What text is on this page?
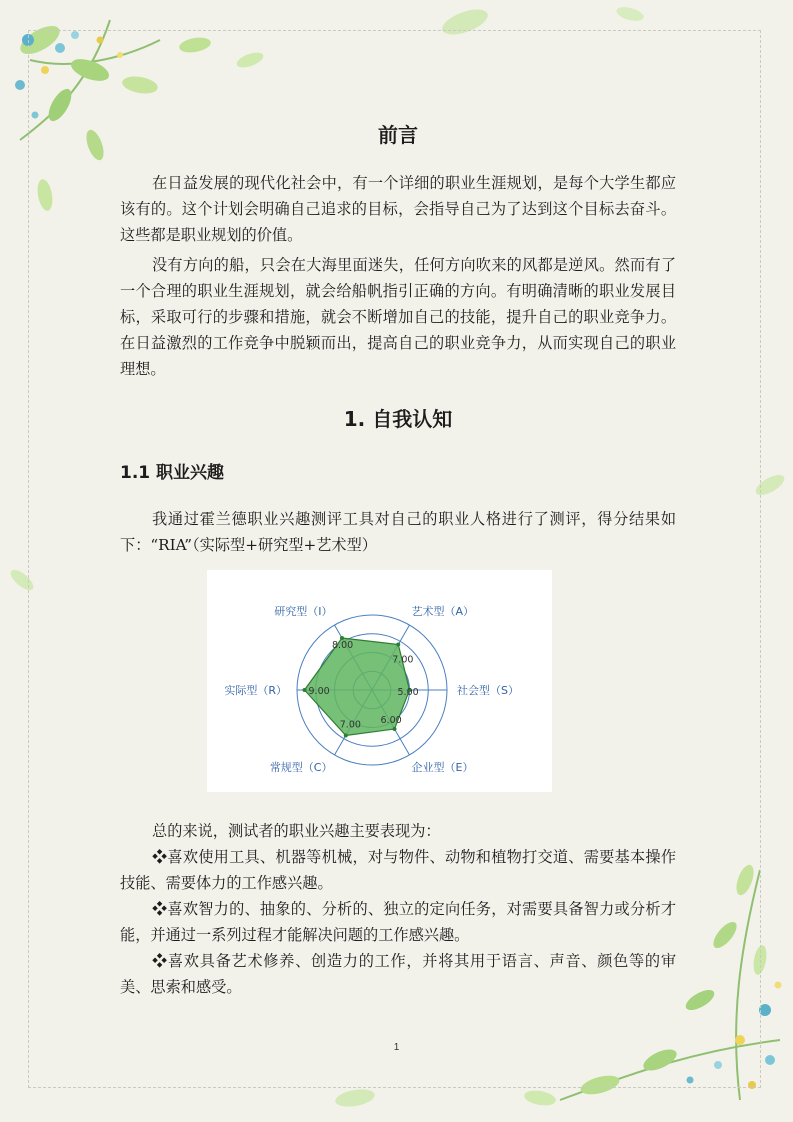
前言

在日益发展的现代化社会中，有一个详细的职业生涯规划，是每个大学生都应该有的。这个计划会明确自己追求的目标，会指导自己为了达到这个目标去奋斗。这些都是职业规划的价值。

没有方向的船，只会在大海里面迷失，任何方向吹来的风都是逆风。然而有了一个合理的职业生涯规划，就会给船帆指引正确的方向。有明确清晰的职业发展目标，采取可行的步骤和措施，就会不断增加自己的技能，提升自己的职业竞争力。在日益激烈的工作竞争中脱颖而出，提高自己的职业竞争力，从而实现自己的职业理想。

1. 自我认知
1.1 职业兴趣

我通过霍兰德职业兴趣测评工具对自己的职业人格进行了测评，得分结果如下：“RIA”（实际型+研究型+艺术型）

8.00
7.00
5.00
6.00
7.00
9.00
研究型（I）	艺术型（A）
社会型（S）
企业型（E）
常规型（C）
实际型（R）

总的来说，测试者的职业兴趣主要表现为：

❖喜欢使用工具、机器等机械，对与物件、动物和植物打交道、需要基本操作技能、需要体力的工作感兴趣。

❖喜欢智力的、抽象的、分析的、独立的定向任务，对需要具备智力或分析才能，并通过一系列过程才能解决问题的工作感兴趣。

❖喜欢具备艺术修养、创造力的工作，并将其用于语言、声音、颜色等的审美、思索和感受。

1
